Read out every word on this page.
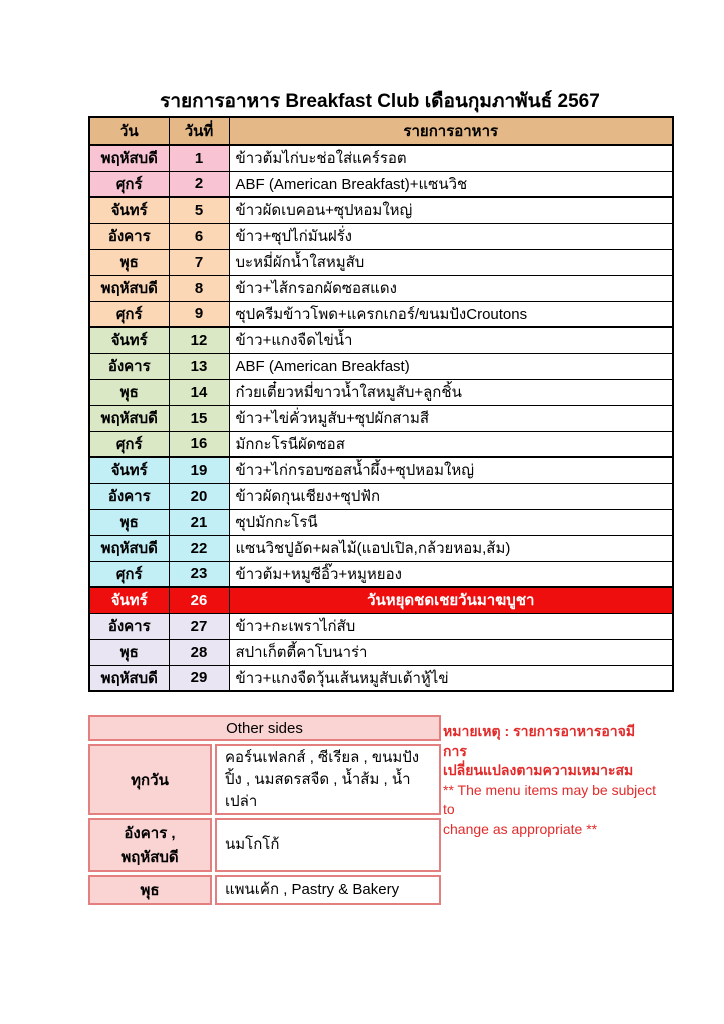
รายการอาหาร Breakfast Club เดือนกุมภาพันธ์ 2567
วัน	วันที่	รายการอาหาร
พฤหัสบดี	1	ข้าวต้มไก่บะช่อใส่แคร์รอต
ศุกร์	2	ABF (American Breakfast)+แซนวิช
จันทร์	5	ข้าวผัดเบคอน+ซุปหอมใหญ่
อังคาร	6	ข้าว+ซุปไก่มันฝรั่ง
พุธ	7	บะหมี่ผักน้ำใสหมูสับ
พฤหัสบดี	8	ข้าว+ไส้กรอกผัดซอสแดง
ศุกร์	9	ซุปครีมข้าวโพด+แครกเกอร์/ขนมปังCroutons
จันทร์	12	ข้าว+แกงจืดไข่น้ำ
อังคาร	13	ABF (American Breakfast)
พุธ	14	ก๋วยเตี๋ยวหมี่ขาวน้ำใสหมูสับ+ลูกชิ้น
พฤหัสบดี	15	ข้าว+ไข่คั่วหมูสับ+ซุปผักสามสี
ศุกร์	16	มักกะโรนีผัดซอส
จันทร์	19	ข้าว+ไก่กรอบซอสน้ำผึ้ง+ซุปหอมใหญ่
อังคาร	20	ข้าวผัดกุนเชียง+ซุปฟัก
พุธ	21	ซุปมักกะโรนี
พฤหัสบดี	22	แซนวิชปูอัด+ผลไม้(แอปเปิล,กล้วยหอม,ส้ม)
ศุกร์	23	ข้าวต้ม+หมูซีอิ๊ว+หมูหยอง
จันทร์	26	วันหยุดชดเชยวันมาฆบูชา
อังคาร	27	ข้าว+กะเพราไก่สับ
พุธ	28	สปาเก็ตตี้คาโบนาร่า
พฤหัสบดี	29	ข้าว+แกงจืดวุ้นเส้นหมูสับเต้าหู้ไข่
Other sides	
ทุกวัน	คอร์นเฟลกส์ , ซีเรียล , ขนมปังปิ้ง , นมสดรสจืด , น้ำส้ม , น้ำเปล่า
อังคาร , พฤหัสบดี	นมโกโก้
พุธ	แพนเค้ก , Pastry & Bakery
หมายเหตุ : รายการอาหารอาจมีการ
เปลี่ยนแปลงตามความเหมาะสม
** The menu items may be subject to
change as appropriate **
